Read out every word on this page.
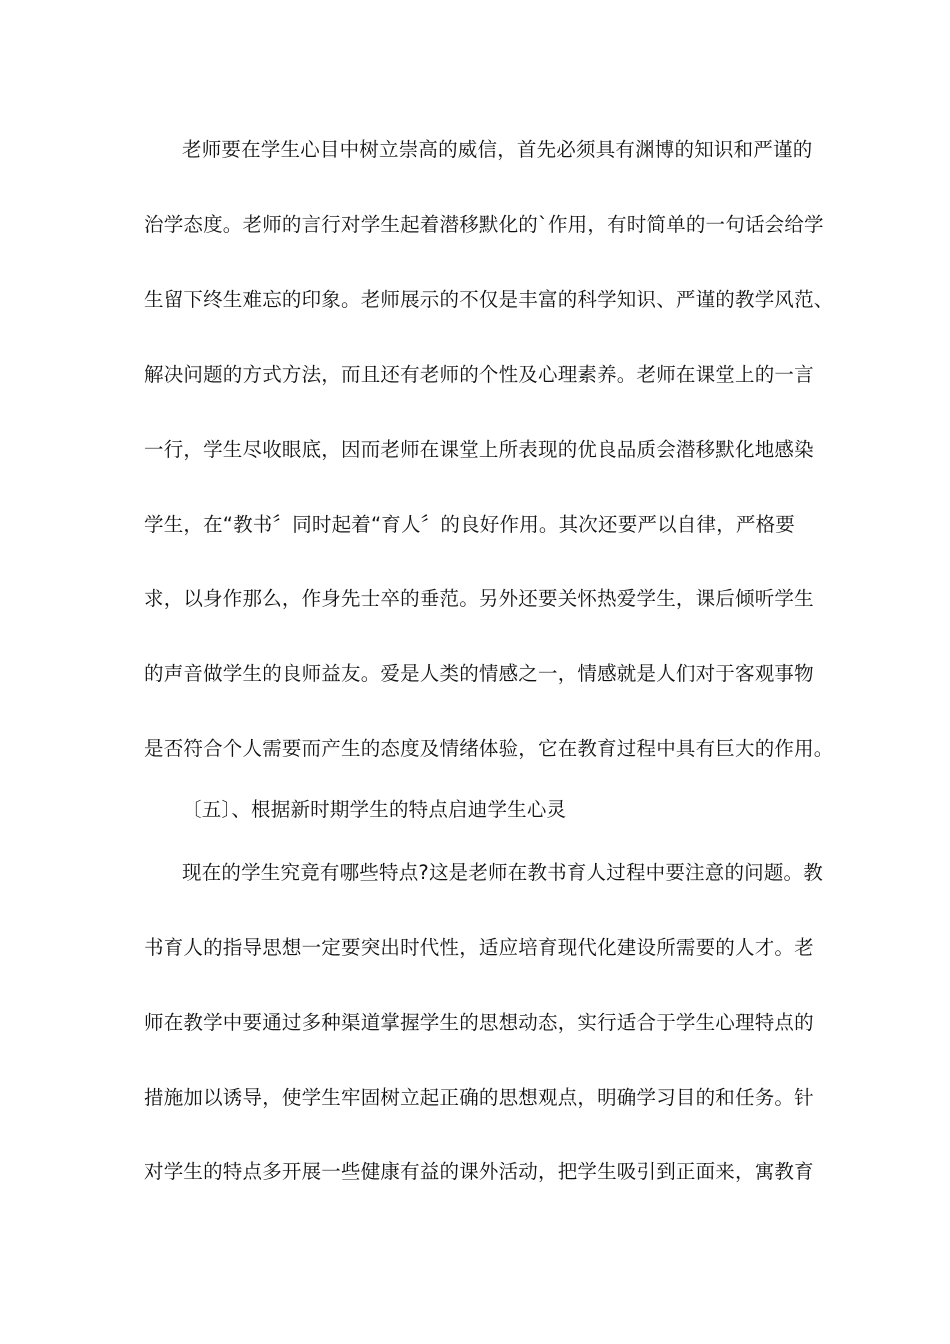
老师要在学生心目中树立崇高的威信，首先必须具有渊博的知识和严谨的
治学态度。老师的言行对学生起着潜移默化的`作用，有时简单的一句话会给学
生留下终生难忘的印象。老师展示的不仅是丰富的科学知识、严谨的教学风范、
解决问题的方式方法，而且还有老师的个性及心理素养。老师在课堂上的一言
一行，学生尽收眼底，因而老师在课堂上所表现的优良品质会潜移默化地感染
学生，在“教书〞同时起着“育人〞的良好作用。其次还要严以自律，严格要
求，以身作那么，作身先士卒的垂范。另外还要关怀热爱学生，课后倾听学生
的声音做学生的良师益友。爱是人类的情感之一，情感就是人们对于客观事物
是否符合个人需要而产生的态度及情绪体验，它在教育过程中具有巨大的作用。
〔五〕、根据新时期学生的特点启迪学生心灵
现在的学生究竟有哪些特点?这是老师在教书育人过程中要注意的问题。教
书育人的指导思想一定要突出时代性，适应培育现代化建设所需要的人才。老
师在教学中要通过多种渠道掌握学生的思想动态，实行适合于学生心理特点的
措施加以诱导，使学生牢固树立起正确的思想观点，明确学习目的和任务。针
对学生的特点多开展一些健康有益的课外活动，把学生吸引到正面来，寓教育
